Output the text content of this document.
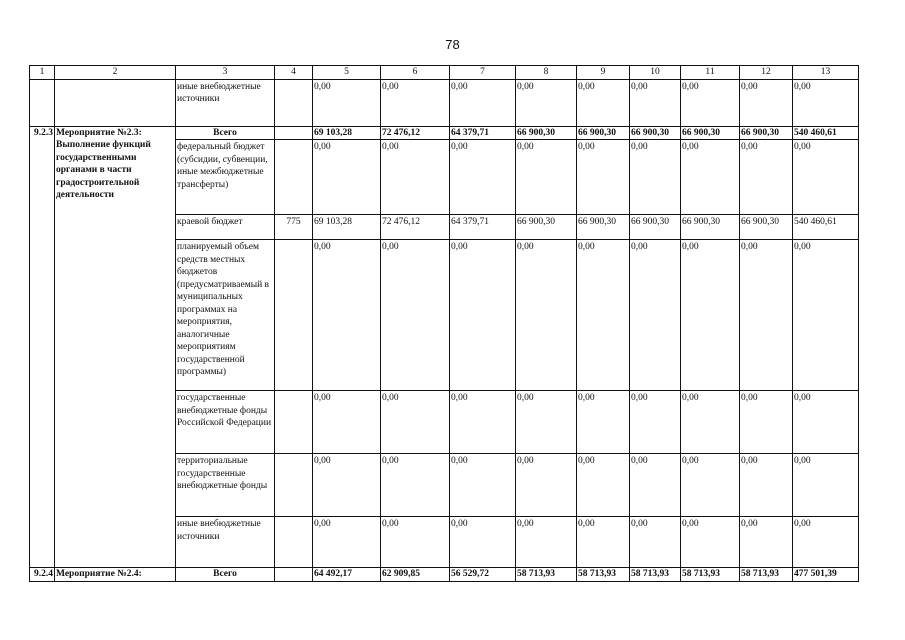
78
1	2	3	4	5	6	7	8	9	10	11	12	13
		иные внебюджетные источники		0,00	0,00	0,00	0,00	0,00	0,00	0,00	0,00	0,00
9.2.3	Мероприятие №2.3: Выполнение функций государственными органами в части градостроительной деятельности	Всего		69 103,28	72 476,12	64 379,71	66 900,30	66 900,30	66 900,30	66 900,30	66 900,30	540 460,61
		федеральный бюджет (субсидии, субвенции, иные межбюджетные трансферты)		0,00	0,00	0,00	0,00	0,00	0,00	0,00	0,00	0,00
		краевой бюджет	775	69 103,28	72 476,12	64 379,71	66 900,30	66 900,30	66 900,30	66 900,30	66 900,30	540 460,61
		планируемый объем средств местных бюджетов (предусматриваемый в муниципальных программах на мероприятия, аналогичные мероприятиям государственной программы)		0,00	0,00	0,00	0,00	0,00	0,00	0,00	0,00	0,00
		государственные внебюджетные фонды Российской Федерации		0,00	0,00	0,00	0,00	0,00	0,00	0,00	0,00	0,00
		территориальные государственные внебюджетные фонды		0,00	0,00	0,00	0,00	0,00	0,00	0,00	0,00	0,00
		иные внебюджетные источники		0,00	0,00	0,00	0,00	0,00	0,00	0,00	0,00	0,00
9.2.4	Мероприятие №2.4:	Всего		64 492,17	62 909,85	56 529,72	58 713,93	58 713,93	58 713,93	58 713,93	58 713,93	477 501,39
